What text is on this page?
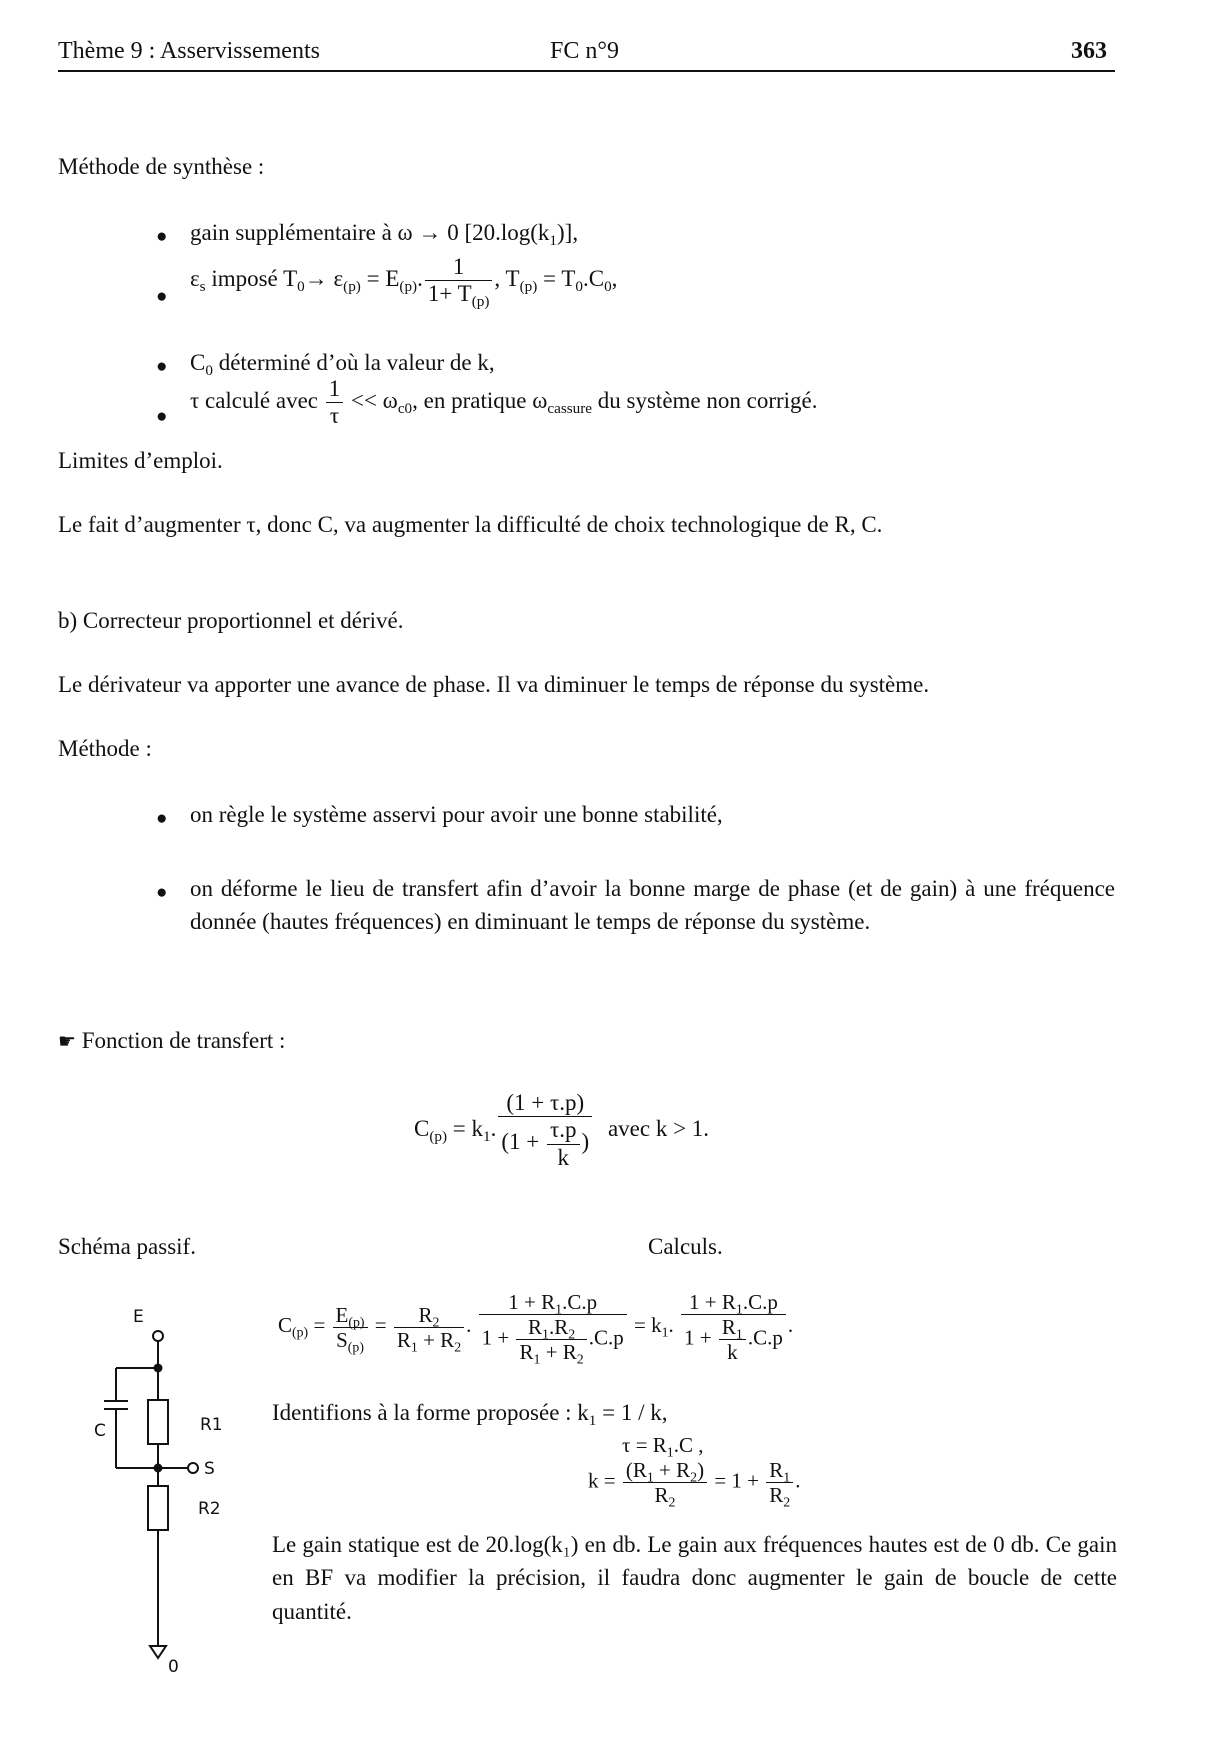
Thème 9 : Asservissements	FC n°9	363
Méthode de synthèse :
● gain supplémentaire à ω → 0 $[20.\log(k_1)]$,
●
$\varepsilon_s$ imposé $T_0\to \varepsilon_{(p)} = E_{(p)}$. $\frac{1}{1+ T_{(p)}}$ , $T_{(p)} = T_0.C_0$,
● $C_0$ déterminé d’où la valeur de k,
●
τ calculé avec $\frac{1}{\tau} << \omega_{c0}$, en pratique $\omega_{cassure}$ du système non corrigé.
Limites d’emploi.
Le fait d’augmenter τ, donc C, va augmenter la difficulté de choix technologique de R, C.
b) Correcteur proportionnel et dérivé.
Le dérivateur va apporter une avance de phase. Il va diminuer le temps de réponse du système.
Méthode :
● on règle le système asservi pour avoir une bonne stabilité,
● on déforme le lieu de transfert afin d’avoir la bonne marge de phase (et de gain) à une fréquence donnée (hautes fréquences) en diminuant le temps de réponse du système.
☛ Fonction de transfert :
$C_{(p)} = k_1$. $\frac{(1 + \tau.p)}{(1 + \frac{\tau.p}{k} )}$ avec k > 1.
Schéma passif.	Calculs.
E
C	R1
S
R2
0
$C_{(p)} = \frac{E_{(p)}}{S_{(p)}} = \frac{R_2}{R_1 + R_2}$ . $\frac{1 + R_1.C.p}{1 + \frac{R_1.R_2}{R_1 + R_2} .C.p} = k_1$. $\frac{1 + R_1.C.p}{1 + \frac{R_1}{k} .C.p}$ .
Identifions à la forme proposée : $k_1 = 1 / k$,
$\tau = R_1.C$ ,
$k = \frac{(R_1 + R_2)}{R_2} = 1 + \frac{R_1}{R_2}$ .
Le gain statique est de 20.log(k₁) en db. Le gain aux fréquences hautes est de 0 db. Ce gain en BF va modifier la précision, il faudra donc augmenter le gain de boucle de cette quantité.
